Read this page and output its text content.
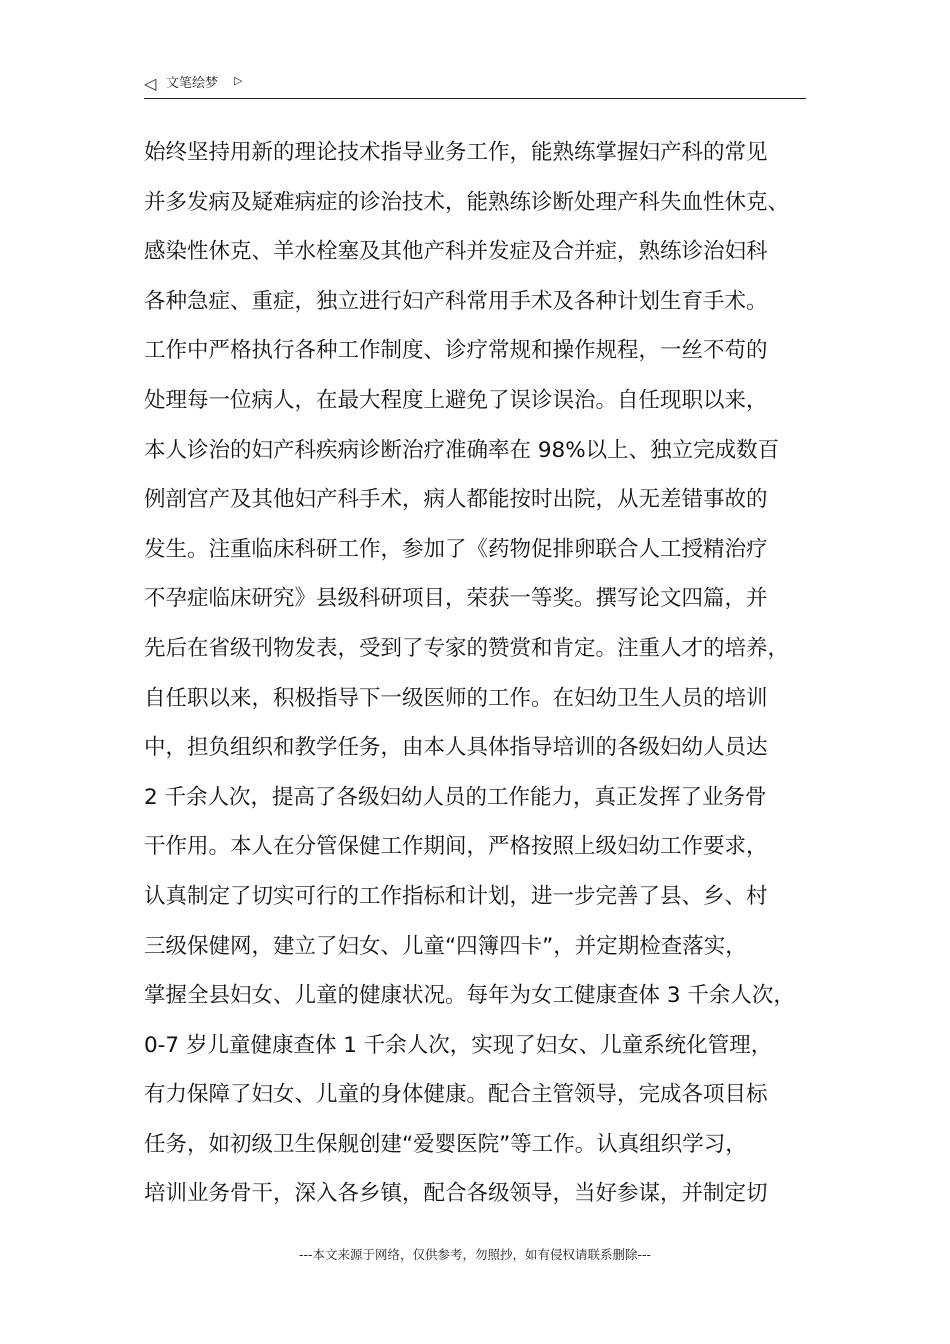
◁ 文笔绘梦 ▷
始终坚持用新的理论技术指导业务工作，能熟练掌握妇产科的常见
并多发病及疑难病症的诊治技术，能熟练诊断处理产科失血性休克、
感染性休克、羊水栓塞及其他产科并发症及合并症，熟练诊治妇科
各种急症、重症，独立进行妇产科常用手术及各种计划生育手术。
工作中严格执行各种工作制度、诊疗常规和操作规程，一丝不苟的
处理每一位病人，在最大程度上避免了误诊误治。自任现职以来，
本人诊治的妇产科疾病诊断治疗准确率在 98%以上、独立完成数百
例剖宫产及其他妇产科手术，病人都能按时出院，从无差错事故的
发生。注重临床科研工作，参加了《药物促排卵联合人工授精治疗
不孕症临床研究》县级科研项目，荣获一等奖。撰写论文四篇，并
先后在省级刊物发表，受到了专家的赞赏和肯定。注重人才的培养，
自任职以来，积极指导下一级医师的工作。在妇幼卫生人员的培训
中，担负组织和教学任务，由本人具体指导培训的各级妇幼人员达
2 千余人次，提高了各级妇幼人员的工作能力，真正发挥了业务骨
干作用。本人在分管保健工作期间，严格按照上级妇幼工作要求，
认真制定了切实可行的工作指标和计划，进一步完善了县、乡、村
三级保健网，建立了妇女、儿童“四簿四卡”，并定期检查落实，
掌握全县妇女、儿童的健康状况。每年为女工健康查体 3 千余人次，
0-7 岁儿童健康查体 1 千余人次，实现了妇女、儿童系统化管理，
有力保障了妇女、儿童的身体健康。配合主管领导，完成各项目标
任务，如初级卫生保舰创建“爱婴医院”等工作。认真组织学习，
培训业务骨干，深入各乡镇，配合各级领导，当好参谋，并制定切
---本文来源于网络，仅供参考，勿照抄，如有侵权请联系删除---
